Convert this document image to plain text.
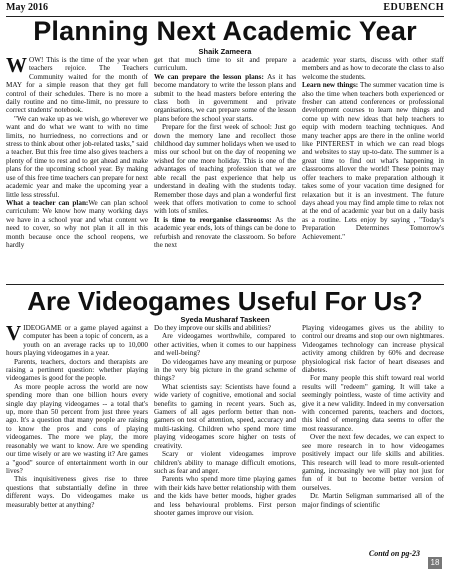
May 2016	EDUBENCH
Planning Next Academic Year
Shaik Zameera

WOW! This is the time of the year when teachers rejoice. The Teachers Community waited for the month of MAY for a simple reason that they get full control of their schedules. There is no more a daily routine and no time-limit, no pressure to correct students' notebook.

"We can wake up as we wish, go wherever we want and do what we want to with no time limits, no hurriedness, no corrections and or stress to think about other job-related tasks," said a teacher. But this free time also gives teachers a plenty of time to rest and to get ahead and make plans for the upcoming school year. By making use of this free time teachers can prepare for next academic year and make the upcoming year a little less stressful.

What a teacher can plan:We can plan school curriculum: We know how many working days we have in a school year and what content we need to cover, so why not plan it all in this month because once the school reopens, we hardly

get that much time to sit and prepare a curriculum.

We can prepare the lesson plans: As it has become mandatory to write the lesson plans and submit to the head masters before entering the class both in government and private organisations, we can prepare some of the lesson plans before the school year starts.

Prepare for the first week of school: Just go down the memory lane and recollect those childhood day summer holidays when we used to miss our school but on the day of reopening we wished for one more holiday. This is one of the advantages of teaching profession that we are able recall the past experience that help us understand in dealing with the students today. Remember those days and plan a wonderful first week that offers motivation to come to school with lots of smiles.

It is time to reorganise classrooms: As the academic year ends, lots of things can be done to refurbish and renovate the classroom. So before the next

academic year starts, discuss with other staff members and as how to decorate the class to also welcome the students.

Learn new things: The summer vacation time is also the time when teachers both experienced or fresher can attend conferences or professional development courses to learn new things and come up with new ideas that help teachers to equip with modern teaching techniques. And many teacher apps are there in the online world like PINTEREST in which we can read blogs and websites to stay up-to-date. The summer is a great time to find out what's happening in classrooms allover the world! These points may offer teachers to make preparation although it takes some of your vacation time designed for relaxation but it is an investment. The future days ahead you may find ample time to relax not at the end of academic year but on a daily basis as a routine. Lets enjoy by saying , "Today's Preparation Determines Tomorrow's Achievement."

Are Videogames Useful For Us?
Syeda Musharaf Taskeen

VIDEOGAME or a game played against a computer has been a topic of concern, as a youth on an average racks up to 10,000 hours playing videogames in a year.

Parents, teachers, doctors and therapists are raising a pertinent question: whether playing videogames is good for the people.

As more people across the world are now spending more than one billion hours every single day playing videogames -- a total that's up, more than 50 percent from just three years ago. It's a question that many people are raising to know the pros and cons of playing videogames. The more we play, the more reasonably we want to know. Are we spending our time wisely or are we wasting it? Are games a "good" source of entertainment worth in our lives?

This inquisitiveness gives rise to three questions that substantially define in three different ways. Do videogames make us measurably better at anything?

Do they improve our skills and abilities?

Are videogames worthwhile, compared to other activities, when it comes to our happiness and well-being?

Do videogames have any meaning or purpose in the very big picture in the grand scheme of things?

What scientists say: Scientists have found a wide variety of cognitive, emotional and social benefits to gaming in recent years. Such as, Gamers of all ages perform better than non-gamers on test of attention, speed, accuracy and multi-tasking. Children who spend more time playing videogames score higher on tests of creativity.

Scary or violent videogames improve children's ability to manage difficult emotions, such as fear and anger.

Parents who spend more time playing games with their kids have better relationship with them and the kids have better moods, higher grades and less behavioural problems. First person shooter games improve our vision.

Playing videogames gives us the ability to control our dreams and stop our own nightmares. Videogames technology can increase physical activity among children by 60% and decrease physiological risk factor of heart diseases and diabetes.

For many people this shift toward real world results will "redeem" gaming. It will take a seemingly pointless, waste of time activity and give it a new validity. Indeed in my conversation with concerned parents, teachers and doctors, this kind of emerging data seems to offer the most reassurance.

Over the next few decades, we can expect to see more research in to how videogames positively impact our life skills and abilities. This research will lead to more result-oriented gaming, increasingly we will play not just for fun of it but to become better version of ourselves.

Dr. Martin Seligman summarised all of the major findings of scientific

Contd on pg-23
18
